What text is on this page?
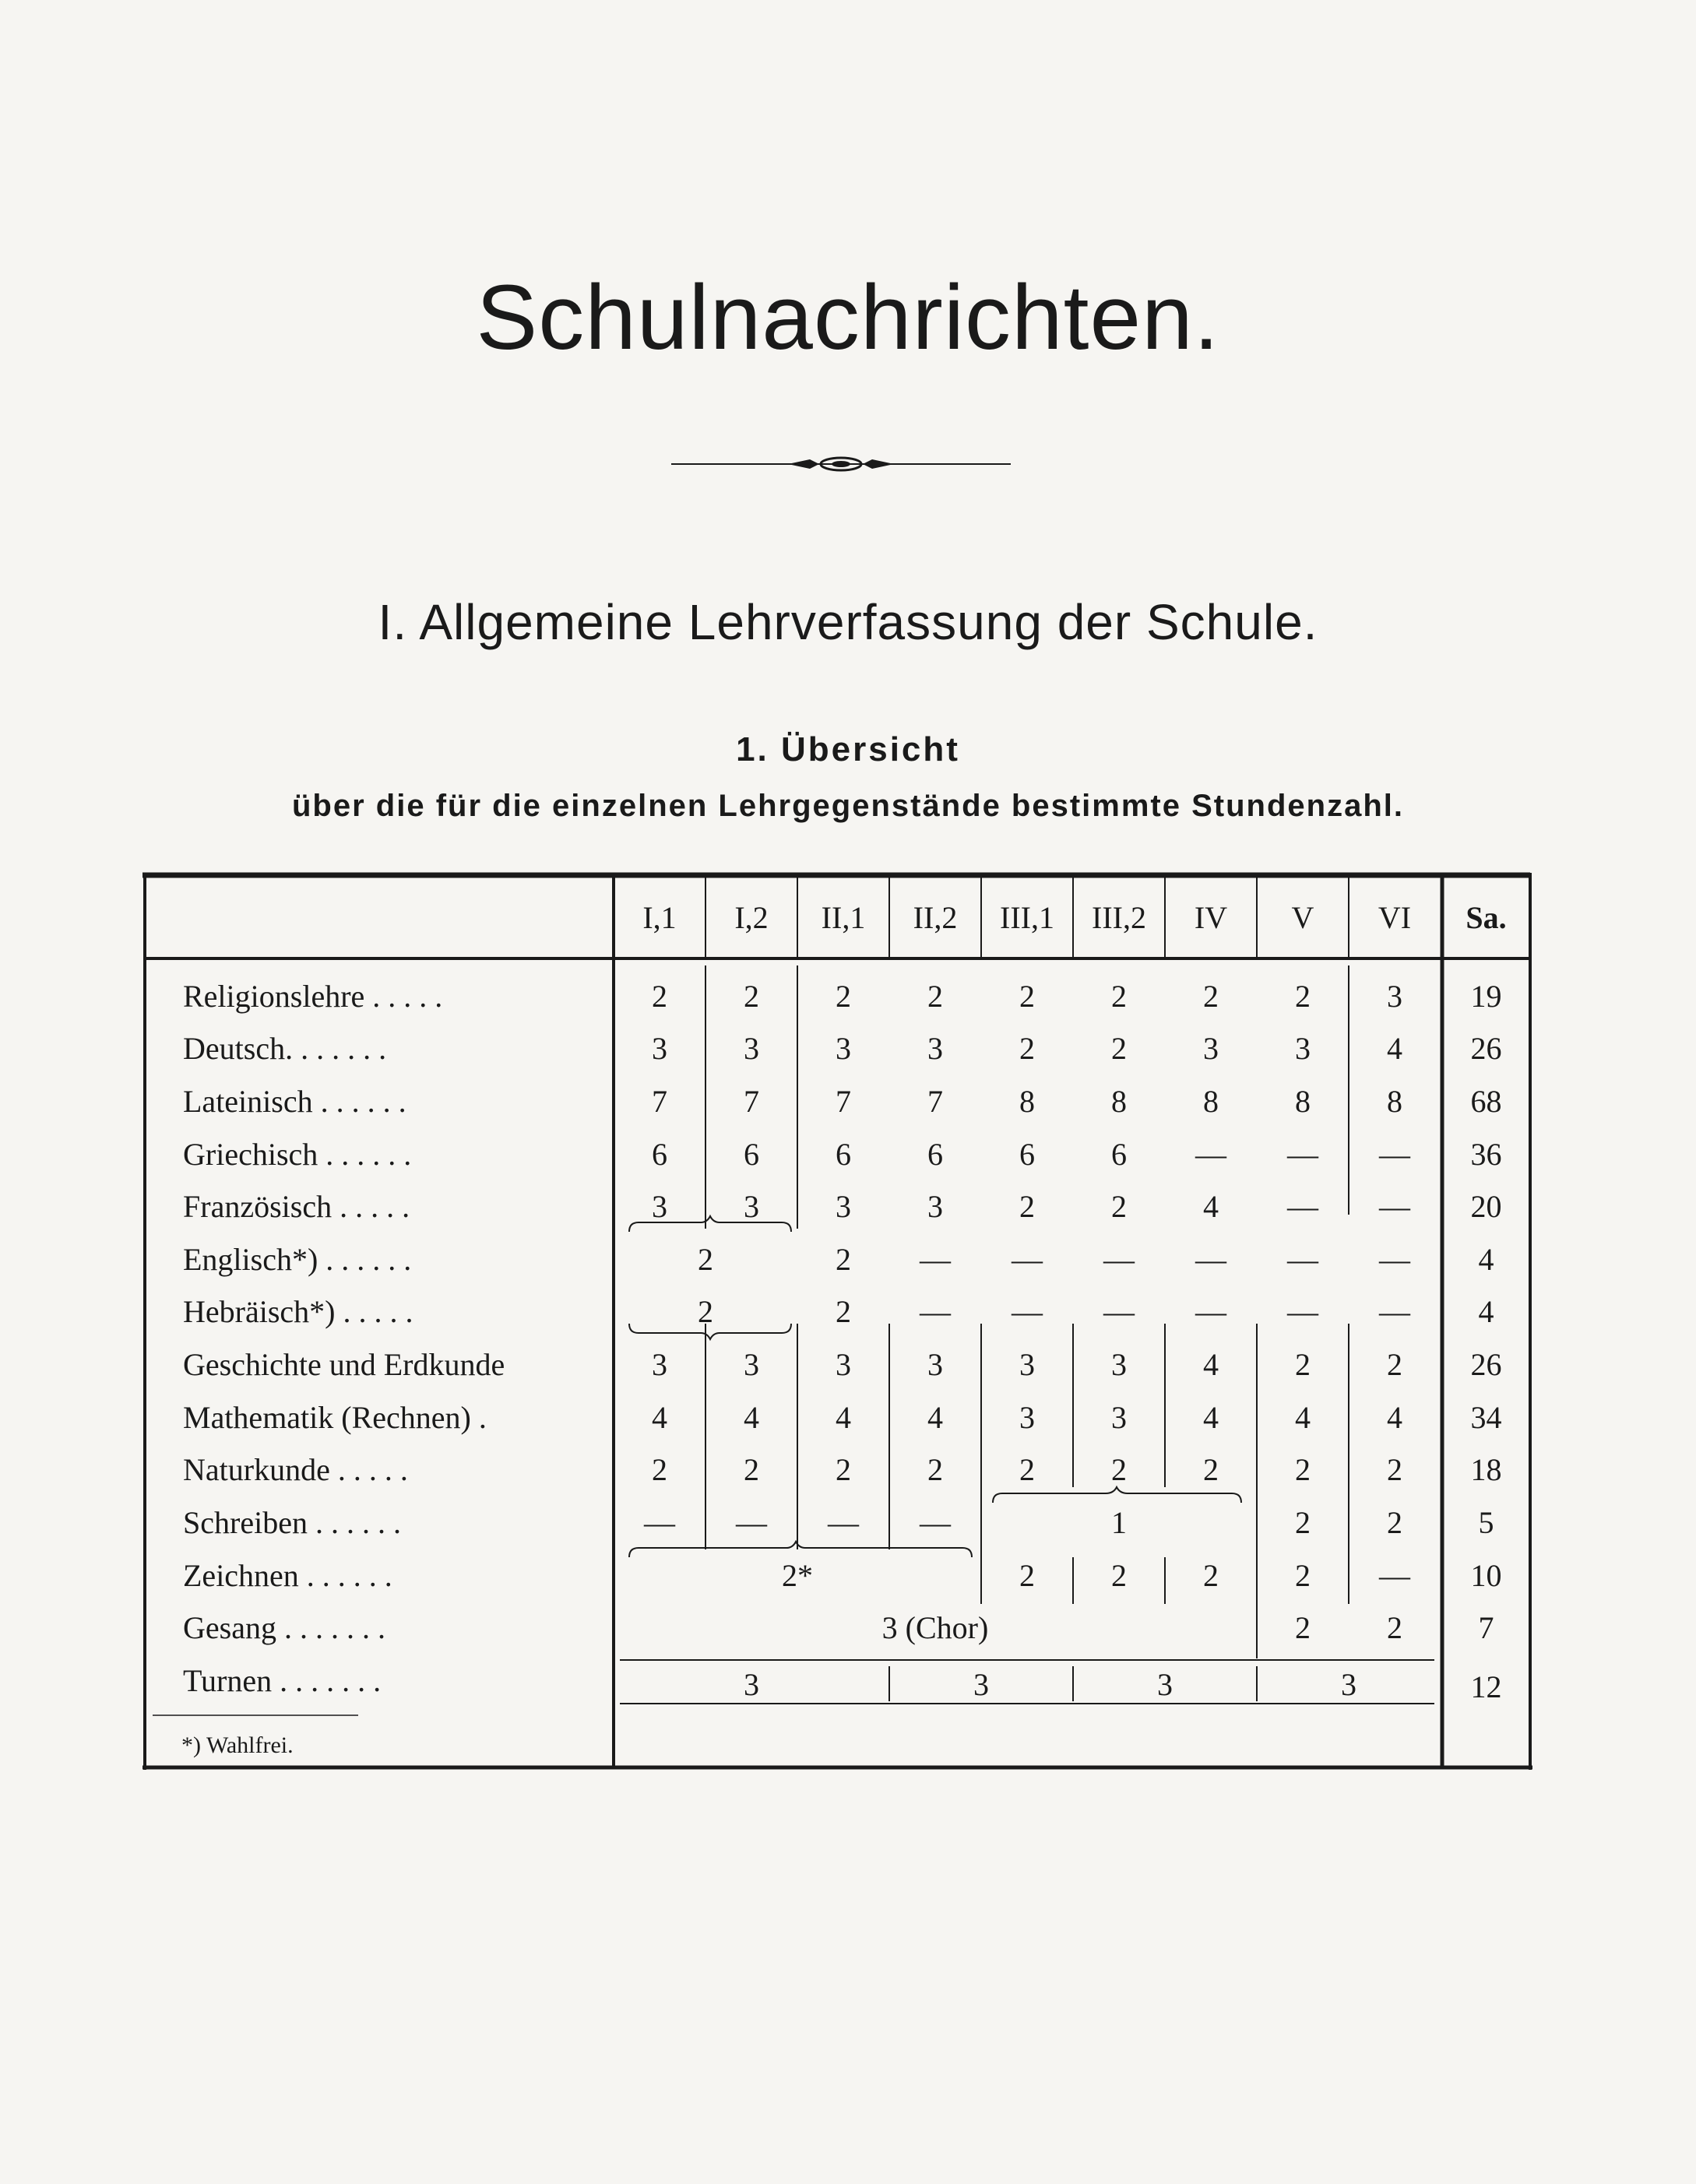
Schulnachrichten.
I. Allgemeine Lehrverfassung der Schule.
1. Übersicht
über die für die einzelnen Lehrgegenstände bestimmte Stundenzahl.
I,1	I,2	II,1	II,2	III,1	III,2	IV	V	VI	Sa.
Religionslehre . . . . .	2	2	2	2	2	2	2	2	3	19
Deutsch. . . . . . .	3	3	3	3	2	2	3	3	4	26
Lateinisch . . . . . .	7	7	7	7	8	8	8	8	8	68
Griechisch . . . . . .	6	6	6	6	6	6	—	—	—	36
Französisch . . . . .	3	3	3	3	2	2	4	—	—	20
Englisch*) . . . . . .	2	2	—	—	—	—	—	—	4
Hebräisch*) . . . . .	2	2	—	—	—	—	—	—	4
Geschichte und Erdkunde	3	3	3	3	3	3	4	2	2	26
Mathematik (Rechnen) .	4	4	4	4	3	3	4	4	4	34
Naturkunde . . . . .	2	2	2	2	2	2	2	2	2	18
Schreiben . . . . . .	—	—	—	—	1	2	2	5
Zeichnen . . . . . .	2*	2	2	2	2	—	10
Gesang . . . . . . .	3 (Chor)	2	2	7
Turnen . . . . . . .	3	3	3	3	12
*) Wahlfrei.
